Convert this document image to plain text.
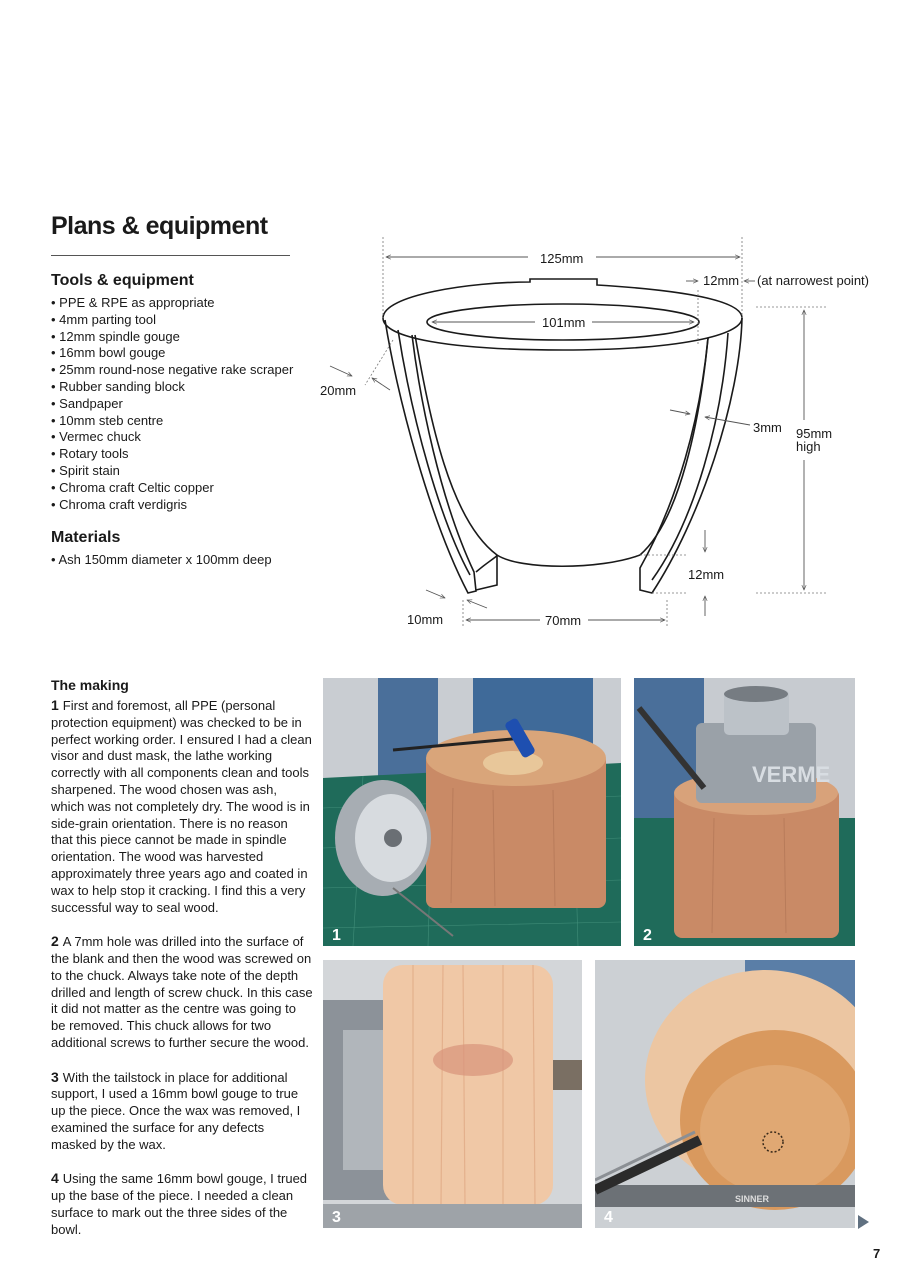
Plans & equipment
Tools & equipment
• PPE & RPE as appropriate
• 4mm parting tool
• 12mm spindle gouge
• 16mm bowl gouge
• 25mm round-nose negative rake scraper
• Rubber sanding block
• Sandpaper
• 10mm steb centre
• Vermec chuck
• Rotary tools
• Spirit stain
• Chroma craft Celtic copper
• Chroma craft verdigris
Materials
• Ash 150mm diameter x 100mm deep
125mm
12mm (at narrowest point)
101mm
20mm
3mm 95mm
high
12mm
10mm	70mm
The making

1 First and foremost, all PPE (personal protection equipment) was checked to be in perfect working order. I ensured I had a clean visor and dust mask, the lathe working correctly with all components clean and tools sharpened. The wood chosen was ash, which was not completely dry. The wood is in side-grain orientation. There is no reason that this piece cannot be made in spindle orientation. The wood was harvested approximately three years ago and coated in wax to help stop it cracking. I find this a very successful way to seal wood.

2 A 7mm hole was drilled into the surface of the blank and then the wood was screwed on to the chuck. Always take note of the depth drilled and length of screw chuck. In this case it did not matter as the centre was going to be removed. This chuck allows for two additional screws to further secure the wood.

3 With the tailstock in place for additional support, I used a 16mm bowl gouge to true up the piece. Once the wax was removed, I examined the surface for any defects masked by the wax.

4 Using the same 16mm bowl gouge, I trued up the base of the piece. I needed a clean surface to mark out the three sides of the bowl.

1
VERME
2
3
SINNER
4
7
